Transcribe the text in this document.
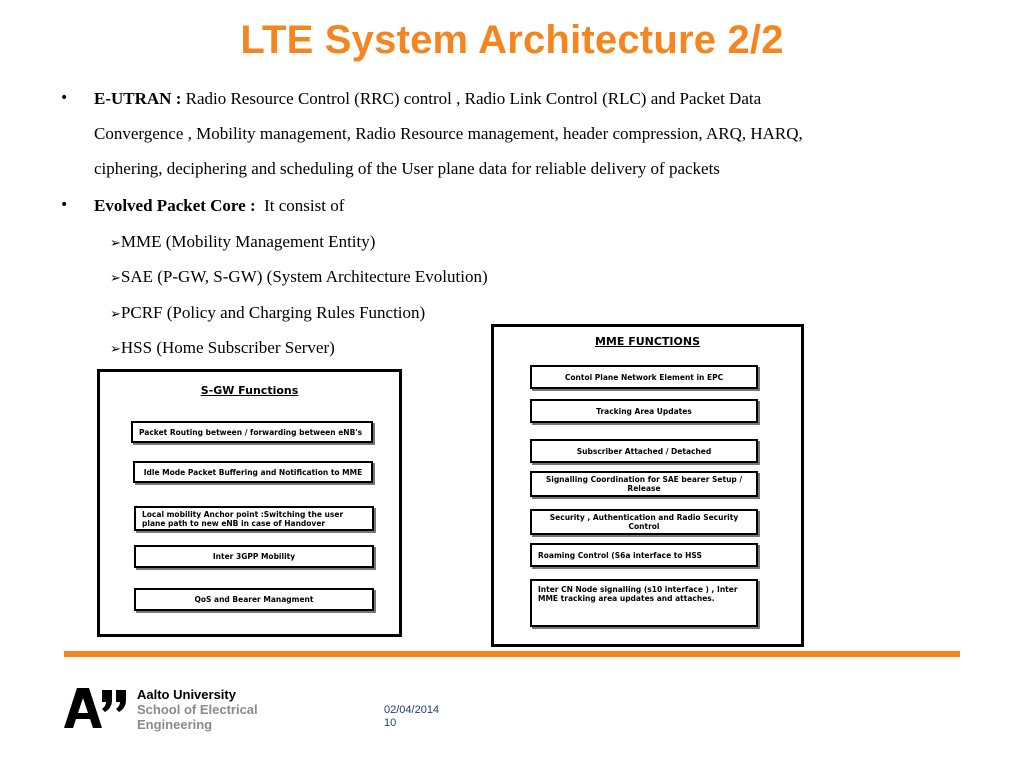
LTE System Architecture 2/2
• E-UTRAN : Radio Resource Control (RRC) control , Radio Link Control (RLC) and Packet Data
Convergence , Mobility management, Radio Resource management, header compression, ARQ, HARQ,
ciphering, deciphering and scheduling of the User plane data for reliable delivery of packets
• Evolved Packet Core :  It consist of
➢MME (Mobility Management Entity)
➢SAE (P-GW, S-GW) (System Architecture Evolution)
➢PCRF (Policy and Charging Rules Function)
➢HSS (Home Subscriber Server)
S-GW Functions
Packet Routing between / forwarding between eNB's
Idle Mode Packet Buffering and Notification to MME
Local mobility Anchor point :Switching the user plane path to new eNB in case of Handover
Inter 3GPP Mobility
QoS and Bearer Managment
MME FUNCTIONS
Contol Plane Network Element in EPC
Tracking Area Updates
Subscriber Attached / Detached
Signalling Coordination for SAE bearer Setup / Release
Security , Authentication and Radio Security Control
Roaming Control (S6a interface to HSS
Inter CN Node signalling (s10 interface ) , Inter MME tracking area updates and attaches.
Aalto University
School of Electrical
Engineering
02/04/2014
10
